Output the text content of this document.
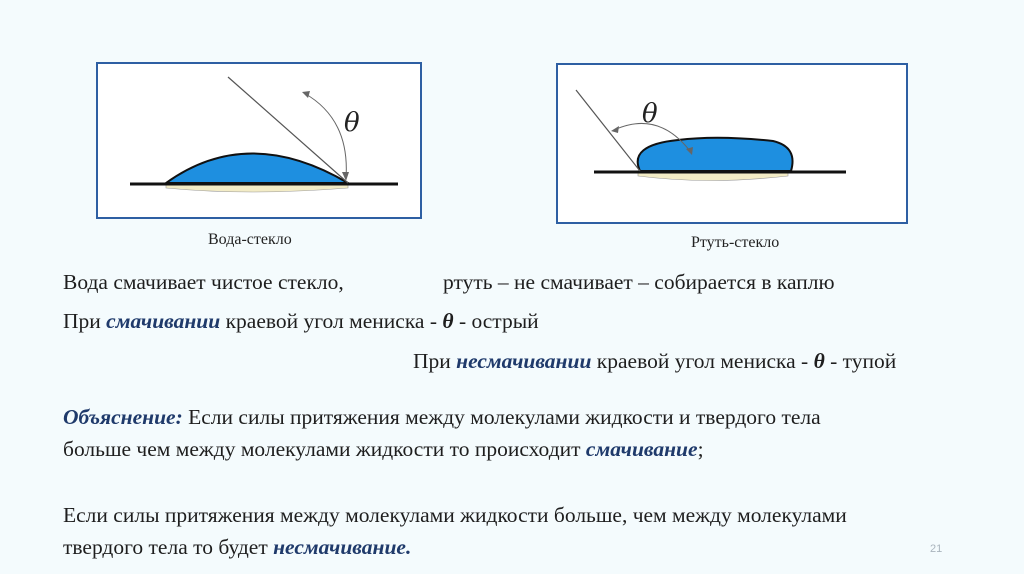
θ
Вода-стекло
θ
Ртуть-стекло
Вода смачивает чистое стекло,	ртуть – не смачивает – собирается в каплю
При смачивании краевой угол мениска - θ - острый
При несмачивании краевой угол мениска - θ - тупой
Объяснение: Если силы притяжения между молекулами жидкости и твердого тела
больше чем между молекулами жидкости то происходит смачивание;
Если силы притяжения между молекулами жидкости больше, чем между молекулами
твердого тела то будет несмачивание.	21
